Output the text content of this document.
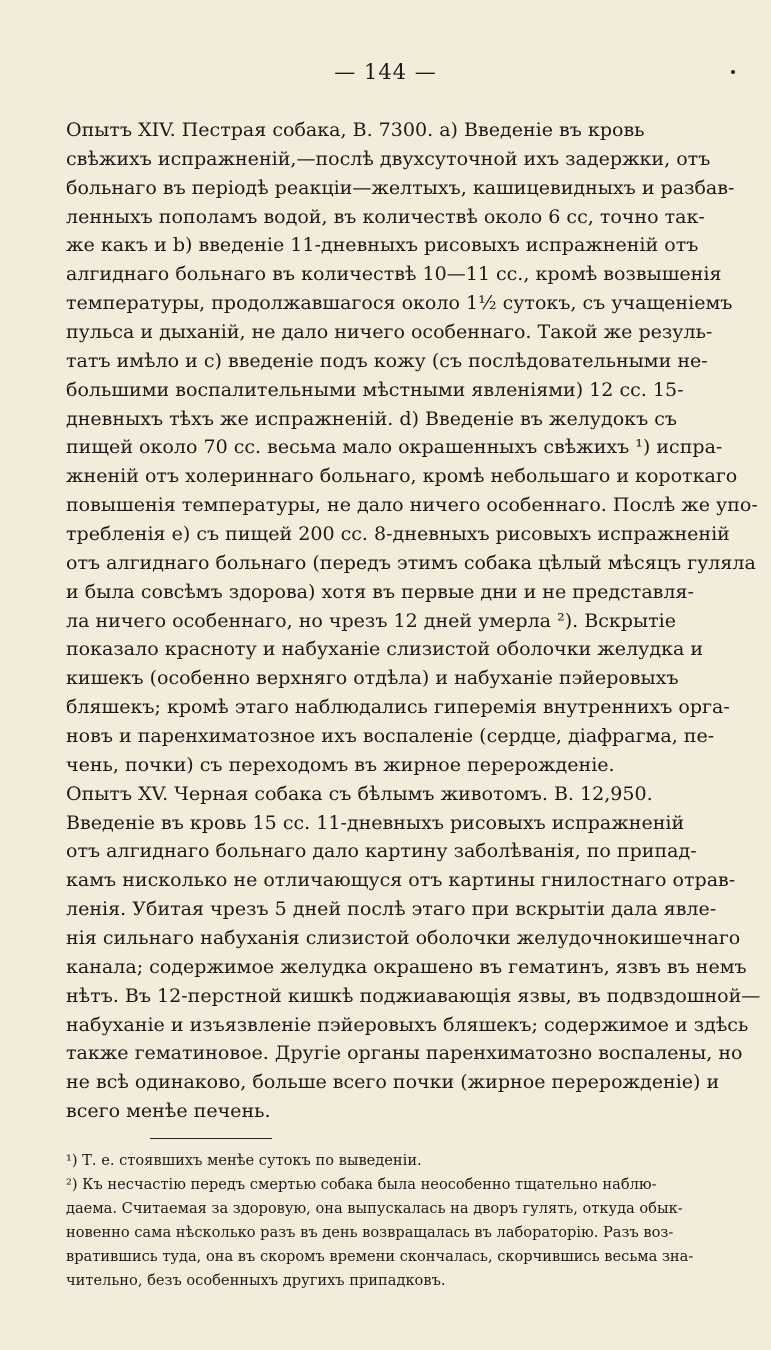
— 144 —
Опытъ XIV. Пестрая собака, В. 7300. a) Введеніе въ кровь
свѣжихъ испражненій,—послѣ двухсуточной ихъ задержки, отъ
больнаго въ періодѣ реакціи—желтыхъ, кашицевидныхъ и разбав-
ленныхъ пополамъ водой, въ количествѣ около 6 сс, точно так-
же какъ и b) введеніе 11-дневныхъ рисовыхъ испражненій отъ
алгиднаго больнаго въ количествѣ 10—11 сс., кромѣ возвышенія
температуры, продолжавшагося около 1½ сутокъ, съ учащеніемъ
пульса и дыханій, не дало ничего особеннаго. Такой же резуль-
татъ имѣло и c) введеніе подъ кожу (съ послѣдовательными не-
большими воспалительными мѣстными явленіями) 12 сс. 15-
дневныхъ тѣхъ же испражненій. d) Введеніе въ желудокъ съ
пищей около 70 сс. весьма мало окрашенныхъ свѣжихъ ¹) испра-
жненій отъ холериннаго больнаго, кромѣ небольшаго и короткаго
повышенія температуры, не дало ничего особеннаго. Послѣ же упо-
требленія e) съ пищей 200 сс. 8-дневныхъ рисовыхъ испражненій
отъ алгиднаго больнаго (передъ этимъ собака цѣлый мѣсяцъ гуляла
и была совсѣмъ здорова) хотя въ первые дни и не представля-
ла ничего особеннаго, но чрезъ 12 дней умерла ²). Вскрытіе
показало красноту и набуханіе слизистой оболочки желудка и
кишекъ (особенно верхняго отдѣла) и набуханіе пэйеровыхъ
бляшекъ; кромѣ этаго наблюдались гиперемія внутреннихъ орга-
новъ и паренхиматозное ихъ воспаленіе (сердце, діафрагма, пе-
чень, почки) съ переходомъ въ жирное перерожденіе.
Опытъ XV. Черная собака съ бѣлымъ животомъ. В. 12,950.
Введеніе въ кровь 15 сс. 11-дневныхъ рисовыхъ испражненій
отъ алгиднаго больнаго дало картину заболѣванія, по припад-
камъ нисколько не отличающуся отъ картины гнилостнаго отрав-
ленія. Убитая чрезъ 5 дней послѣ этаго при вскрытіи дала явле-
нія сильнаго набуханія слизистой оболочки желудочнокишечнаго
канала; содержимое желудка окрашено въ гематинъ, язвъ въ немъ
нѣтъ. Въ 12-перстной кишкѣ поджиавающія язвы, въ подвздошной—
¹) Т. е. стоявшихъ менѣе сутокъ по выведеніи.
²) Къ несчастію передъ смертью собака была неособенно тщательно наблю-
даема. Считаемая за здоровую, она выпускалась на дворъ гулять, откуда обык-
новенно сама нѣсколько разъ въ день возвращалась въ лабораторію. Разъ воз-
вратившись туда, она въ скоромъ времени скончалась, скорчившись весьма зна-
чительно, безъ особенныхъ другихъ припадковъ.
набуханіе и изъязвленіе пэйеровыхъ бляшекъ; содержимое и здѣсь
также гематиновое. Другіе органы паренхиматозно воспалены, но
не всѣ одинаково, больше всего почки (жирное перерожденіе) и
всего менѣе печень.
